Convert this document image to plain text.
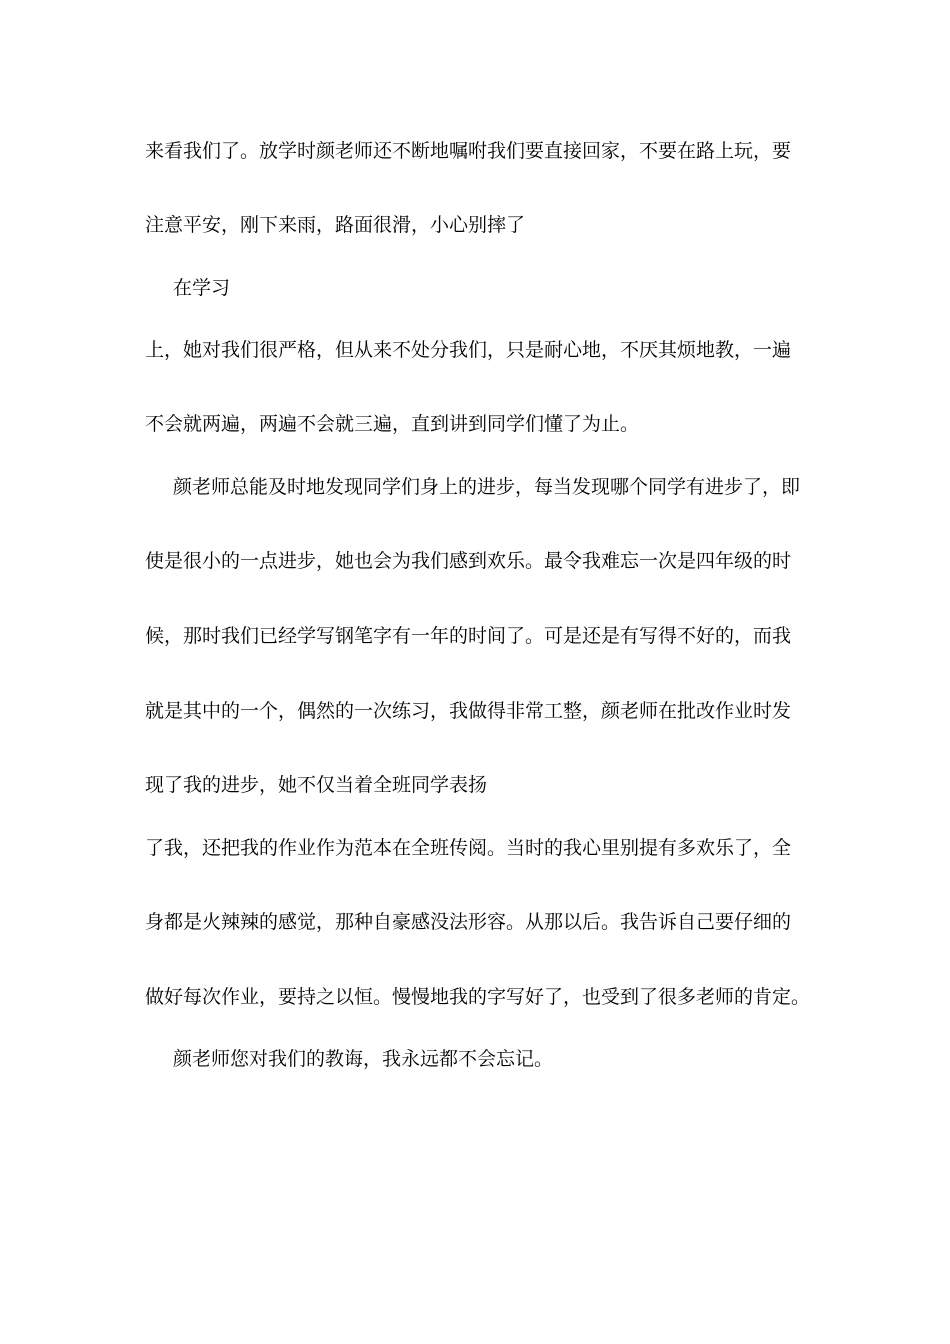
来看我们了。放学时颜老师还不断地嘱咐我们要直接回家，不要在路上玩，要
注意平安，刚下来雨，路面很滑，小心别摔了
在学习
上，她对我们很严格，但从来不处分我们，只是耐心地，不厌其烦地教，一遍
不会就两遍，两遍不会就三遍，直到讲到同学们懂了为止。
颜老师总能及时地发现同学们身上的进步，每当发现哪个同学有进步了，即
使是很小的一点进步，她也会为我们感到欢乐。最令我难忘一次是四年级的时
候，那时我们已经学写钢笔字有一年的时间了。可是还是有写得不好的，而我
就是其中的一个，偶然的一次练习，我做得非常工整，颜老师在批改作业时发
现了我的进步，她不仅当着全班同学表扬
了我，还把我的作业作为范本在全班传阅。当时的我心里别提有多欢乐了，全
身都是火辣辣的感觉，那种自豪感没法形容。从那以后。我告诉自己要仔细的
做好每次作业，要持之以恒。慢慢地我的字写好了，也受到了很多老师的肯定。
颜老师您对我们的教诲，我永远都不会忘记。
